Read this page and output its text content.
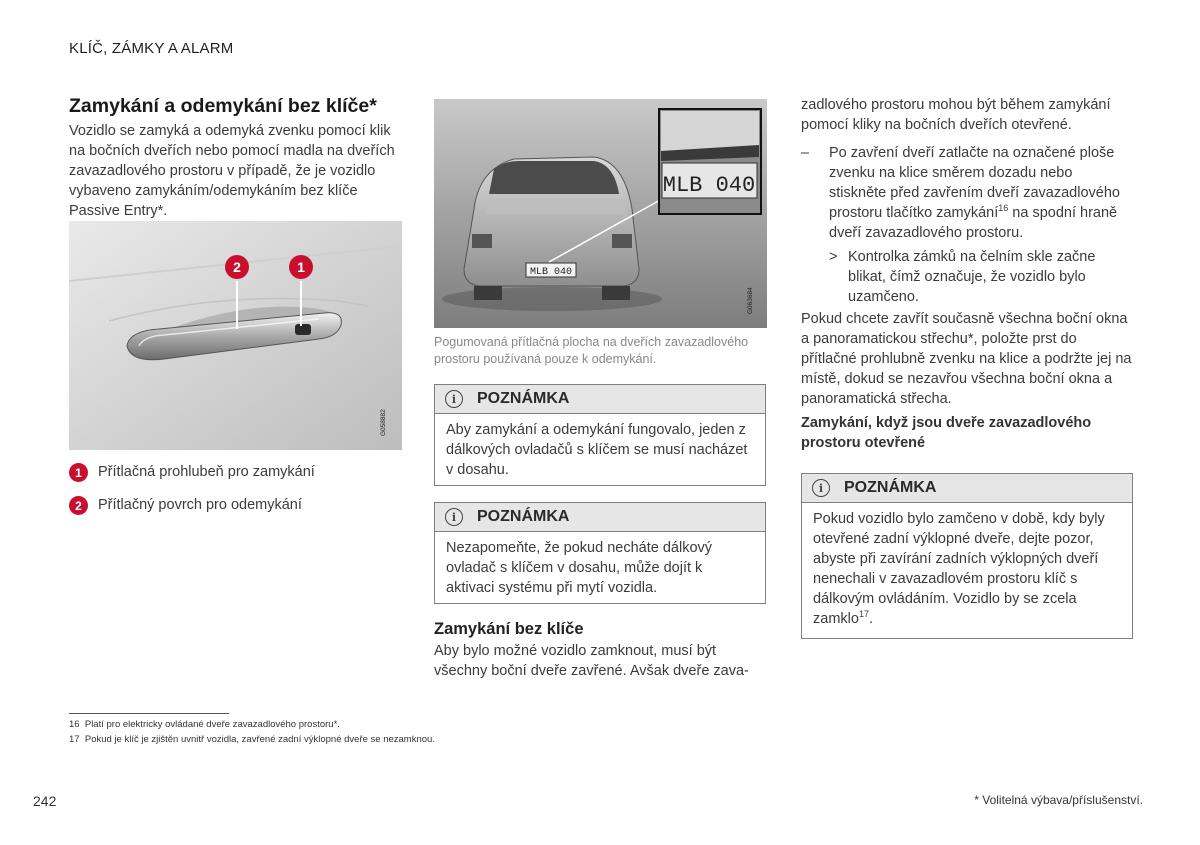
KLÍČ, ZÁMKY A ALARM
Zamykání a odemykání bez klíče*

Vozidlo se zamyká a odemyká zvenku pomocí klik na bočních dveřích nebo pomocí madla na dveřích zavazadlového prostoru v případě, že je vozidlo vybaveno zamykáním/odemykáním bez klíče Passive Entry*.

2	1
G058882
1	Přítlačná prohlubeň pro zamykání
2	Přítlačný povrch pro odemykání
MLB 040
MLB 040
G063684

Pogumovaná přítlačná plocha na dveřích zavazadlového prostoru používaná pouze k odemykání.

i	POZNÁMKA
Aby zamykání a odemykání fungovalo, jeden z dálkových ovladačů s klíčem se musí nacházet v dosahu.
i	POZNÁMKA
Nezapomeňte, že pokud necháte dálkový ovladač s klíčem v dosahu, může dojít k aktivaci systému při mytí vozidla.
Zamykání bez klíče

Aby bylo možné vozidlo zamknout, musí být všechny boční dveře zavřené. Avšak dveře zava-

zadlového prostoru mohou být během zamykání pomocí kliky na bočních dveřích otevřené.

–	Po zavření dveří zatlačte na označené ploše zvenku na klice směrem dozadu nebo stiskněte před zavřením dveří zavazadlového prostoru tlačítko zamykání$^{16}$ na spodní hraně dveří zavazadlového prostoru.
> Kontrolka zámků na čelním skle začne blikat, čímž označuje, že vozidlo bylo uzamčeno.

Pokud chcete zavřít současně všechna boční okna a panoramatickou střechu*, položte prst do přítlačné prohlubně zvenku na klice a podržte jej na místě, dokud se nezavřou všechna boční okna a panoramatická střecha.

Zamykání, když jsou dveře zavazadlového prostoru otevřené
i	POZNÁMKA
Pokud vozidlo bylo zamčeno v době, kdy byly otevřené zadní výklopné dveře, dejte pozor, abyste při zavírání zadních výklopných dveří nenechali v zavazadlovém prostoru klíč s dálkovým ovládáním. Vozidlo by se zcela zamklo$^{17}$.
16 Platí pro elektricky ovládané dveře zavazadlového prostoru*.
17 Pokud je klíč je zjištěn uvnitř vozidla, zavřené zadní výklopné dveře se nezamknou.
242	* Volitelná výbava/příslušenství.
